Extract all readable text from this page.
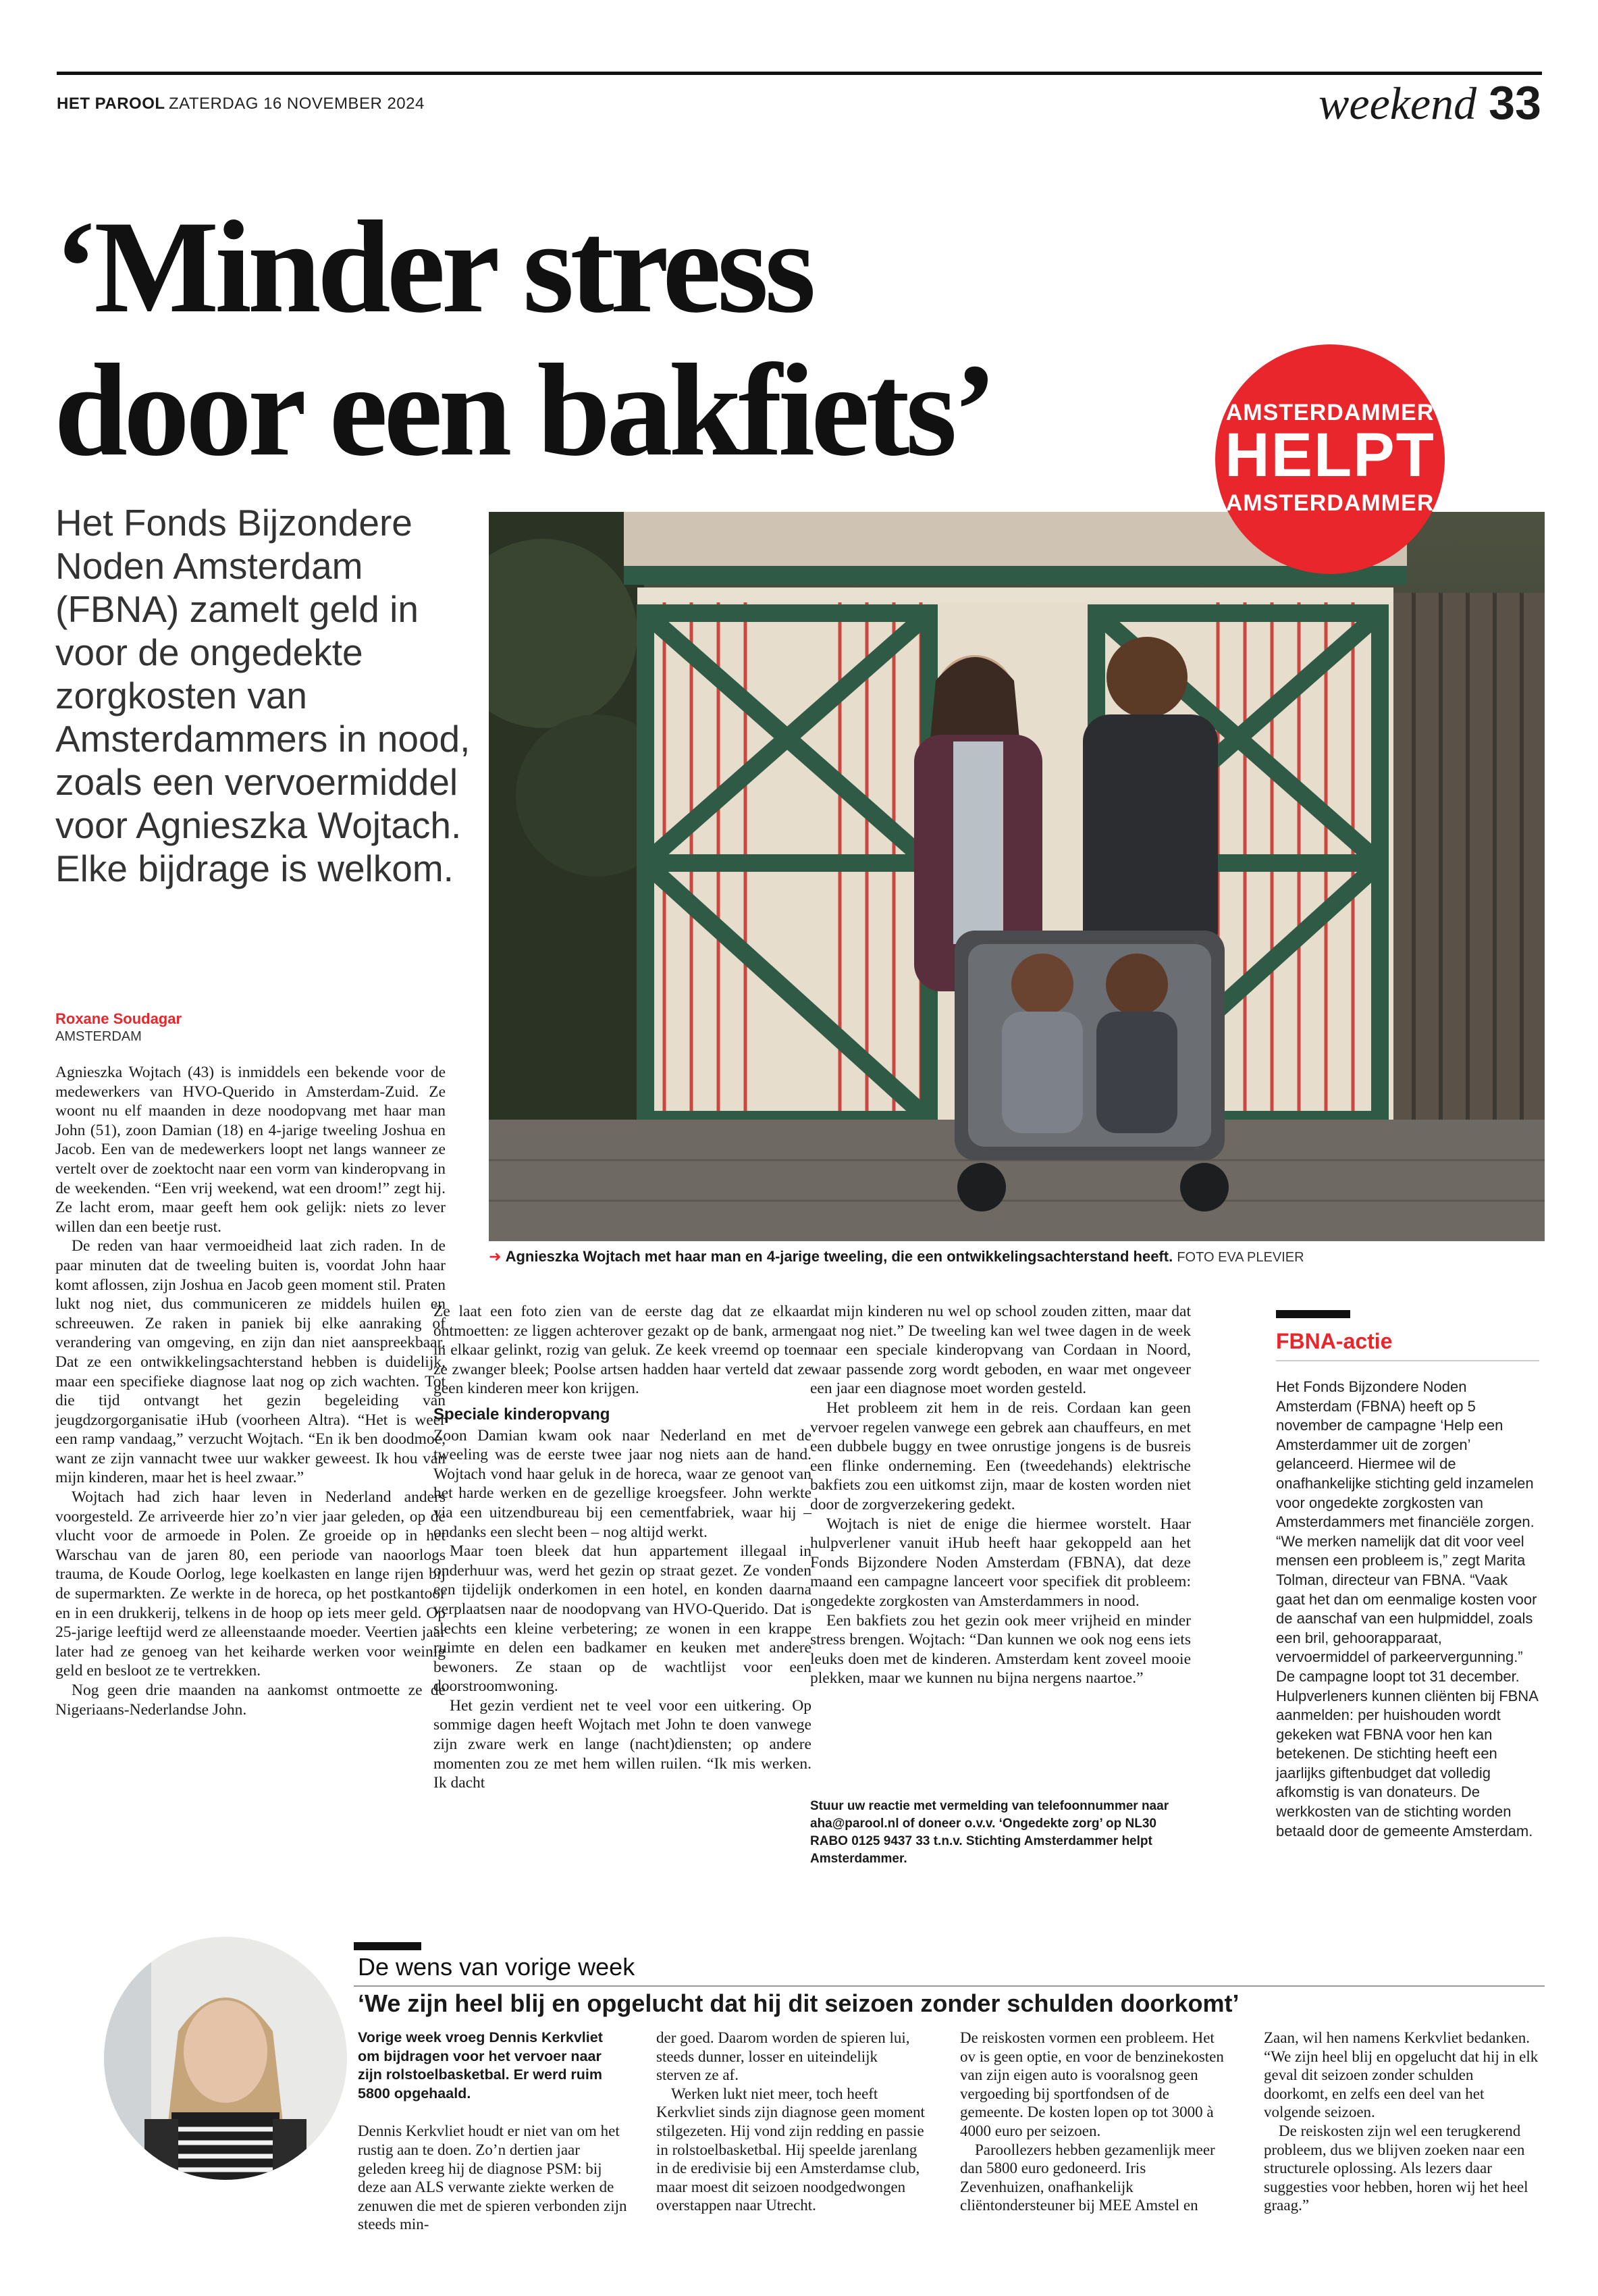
HET PAROOL ZATERDAG 16 NOVEMBER 2024	weekend 33
‘Minder stress
door een bakfiets’
Het Fonds Bijzondere Noden Amsterdam (FBNA) zamelt geld in voor de ongedekte zorgkosten van Amsterdammers in nood, zoals een vervoermiddel voor Agnieszka Wojtach. Elke bijdrage is welkom.
AMSTERDAMMER
HELPT
AMSTERDAMMER
➜ Agnieszka Wojtach met haar man en 4-jarige tweeling, die een ontwikkelingsachterstand heeft. FOTO EVA PLEVIER
Roxane Soudagar
AMSTERDAM

Agnieszka Wojtach (43) is inmiddels een bekende voor de medewerkers van HVO-Querido in Amsterdam-Zuid. Ze woont nu elf maanden in deze noodopvang met haar man John (51), zoon Damian (18) en 4-jarige tweeling Joshua en Jacob. Een van de medewerkers loopt net langs wanneer ze vertelt over de zoektocht naar een vorm van kinderopvang in de weekenden. “Een vrij weekend, wat een droom!” zegt hij. Ze lacht erom, maar geeft hem ook gelijk: niets zo lever willen dan een beetje rust.

De reden van haar vermoeidheid laat zich raden. In de paar minuten dat de tweeling buiten is, voordat John haar komt aflossen, zijn Joshua en Jacob geen moment stil. Praten lukt nog niet, dus communiceren ze middels huilen en schreeuwen. Ze raken in paniek bij elke aanraking of verandering van omgeving, en zijn dan niet aanspreekbaar. Dat ze een ontwikkelingsachterstand hebben is duidelijk, maar een specifieke diagnose laat nog op zich wachten. Tot die tijd ontvangt het gezin begeleiding van jeugdzorgorganisatie iHub (voorheen Altra). “Het is weer een ramp vandaag,” verzucht Wojtach. “En ik ben doodmoe, want ze zijn vannacht twee uur wakker geweest. Ik hou van mijn kinderen, maar het is heel zwaar.”

Wojtach had zich haar leven in Nederland anders voorgesteld. Ze arriveerde hier zo’n vier jaar geleden, op de vlucht voor de armoede in Polen. Ze groeide op in het Warschau van de jaren 80, een periode van naoorlogs trauma, de Koude Oorlog, lege koelkasten en lange rijen bij de supermarkten. Ze werkte in de horeca, op het postkantoor en in een drukkerij, telkens in de hoop op iets meer geld. Op 25-jarige leeftijd werd ze alleenstaande moeder. Veertien jaar later had ze genoeg van het keiharde werken voor weinig geld en besloot ze te vertrekken.

Nog geen drie maanden na aankomst ontmoette ze de Nigeriaans-Nederlandse John.

Ze laat een foto zien van de eerste dag dat ze elkaar ontmoetten: ze liggen achterover gezakt op de bank, armen in elkaar gelinkt, rozig van geluk. Ze keek vreemd op toen ze zwanger bleek; Poolse artsen hadden haar verteld dat ze geen kinderen meer kon krijgen.

Speciale kinderopvang

Zoon Damian kwam ook naar Nederland en met de tweeling was de eerste twee jaar nog niets aan de hand. Wojtach vond haar geluk in de horeca, waar ze genoot van het harde werken en de gezellige kroegsfeer. John werkte via een uitzendbureau bij een cementfabriek, waar hij – ondanks een slecht been – nog altijd werkt.

Maar toen bleek dat hun appartement illegaal in onderhuur was, werd het gezin op straat gezet. Ze vonden een tijdelijk onderkomen in een hotel, en konden daarna verplaatsen naar de noodopvang van HVO-Querido. Dat is slechts een kleine verbetering; ze wonen in een krappe ruimte en delen een badkamer en keuken met andere bewoners. Ze staan op de wachtlijst voor een doorstroomwoning.

Het gezin verdient net te veel voor een uitkering. Op sommige dagen heeft Wojtach met John te doen vanwege zijn zware werk en lange (nacht)diensten; op andere momenten zou ze met hem willen ruilen. “Ik mis werken. Ik dacht

dat mijn kinderen nu wel op school zouden zitten, maar dat gaat nog niet.” De tweeling kan wel twee dagen in de week naar een speciale kinderopvang van Cordaan in Noord, waar passende zorg wordt geboden, en waar met ongeveer een jaar een diagnose moet worden gesteld.

Het probleem zit hem in de reis. Cordaan kan geen vervoer regelen vanwege een gebrek aan chauffeurs, en met een dubbele buggy en twee onrustige jongens is de busreis een flinke onderneming. Een (tweedehands) elektrische bakfiets zou een uitkomst zijn, maar de kosten worden niet door de zorgverzekering gedekt.

Wojtach is niet de enige die hiermee worstelt. Haar hulpverlener vanuit iHub heeft haar gekoppeld aan het Fonds Bijzondere Noden Amsterdam (FBNA), dat deze maand een campagne lanceert voor specifiek dit probleem: ongedekte zorgkosten van Amsterdammers in nood.

Een bakfiets zou het gezin ook meer vrijheid en minder stress brengen. Wojtach: “Dan kunnen we ook nog eens iets leuks doen met de kinderen. Amsterdam kent zoveel mooie plekken, maar we kunnen nu bijna nergens naartoe.”

Stuur uw reactie met vermelding van telefoonnummer naar aha@parool.nl of doneer o.v.v. ‘Ongedekte zorg’ op NL30 RABO 0125 9437 33 t.n.v. Stichting Amsterdammer helpt Amsterdammer.
FBNA-actie

Het Fonds Bijzondere Noden Amsterdam (FBNA) heeft op 5 november de campagne ‘Help een Amsterdammer uit de zorgen’ gelanceerd. Hiermee wil de onafhankelijke stichting geld inzamelen voor ongedekte zorgkosten van Amsterdammers met financiële zorgen. “We merken namelijk dat dit voor veel mensen een probleem is,” zegt Marita Tolman, directeur van FBNA. “Vaak gaat het dan om eenmalige kosten voor de aanschaf van een hulpmiddel, zoals een bril, gehoorapparaat, vervoermiddel of parkeervergunning.”

De campagne loopt tot 31 december. Hulpverleners kunnen cliënten bij FBNA aanmelden: per huishouden wordt gekeken wat FBNA voor hen kan betekenen. De stichting heeft een jaarlijks giftenbudget dat volledig afkomstig is van donateurs. De werkkosten van de stichting worden betaald door de gemeente Amsterdam.

De wens van vorige week
‘We zijn heel blij en opgelucht dat hij dit seizoen zonder schulden doorkomt’

Vorige week vroeg Dennis Kerkvliet om bijdragen voor het vervoer naar zijn rolstoelbasketbal. Er werd ruim 5800 opgehaald.

Dennis Kerkvliet houdt er niet van om het rustig aan te doen. Zo’n dertien jaar geleden kreeg hij de diagnose PSM: bij deze aan ALS verwante ziekte werken de zenuwen die met de spieren verbonden zijn steeds min-

der goed. Daarom worden de spieren lui, steeds dunner, losser en uiteindelijk sterven ze af.

Werken lukt niet meer, toch heeft Kerkvliet sinds zijn diagnose geen moment stilgezeten. Hij vond zijn redding en passie in rolstoelbasketbal. Hij speelde jarenlang in de eredivisie bij een Amsterdamse club, maar moest dit seizoen noodgedwongen overstappen naar Utrecht.

De reiskosten vormen een probleem. Het ov is geen optie, en voor de benzinekosten van zijn eigen auto is vooralsnog geen vergoeding bij sportfondsen of de gemeente. De kosten lopen op tot 3000 à 4000 euro per seizoen.

Paroollezers hebben gezamenlijk meer dan 5800 euro gedoneerd. Iris Zevenhuizen, onafhankelijk cliëntondersteuner bij MEE Amstel en

Zaan, wil hen namens Kerkvliet bedanken. “We zijn heel blij en opgelucht dat hij in elk geval dit seizoen zonder schulden doorkomt, en zelfs een deel van het volgende seizoen.

De reiskosten zijn wel een terugkerend probleem, dus we blijven zoeken naar een structurele oplossing. Als lezers daar suggesties voor hebben, horen wij het heel graag.”
